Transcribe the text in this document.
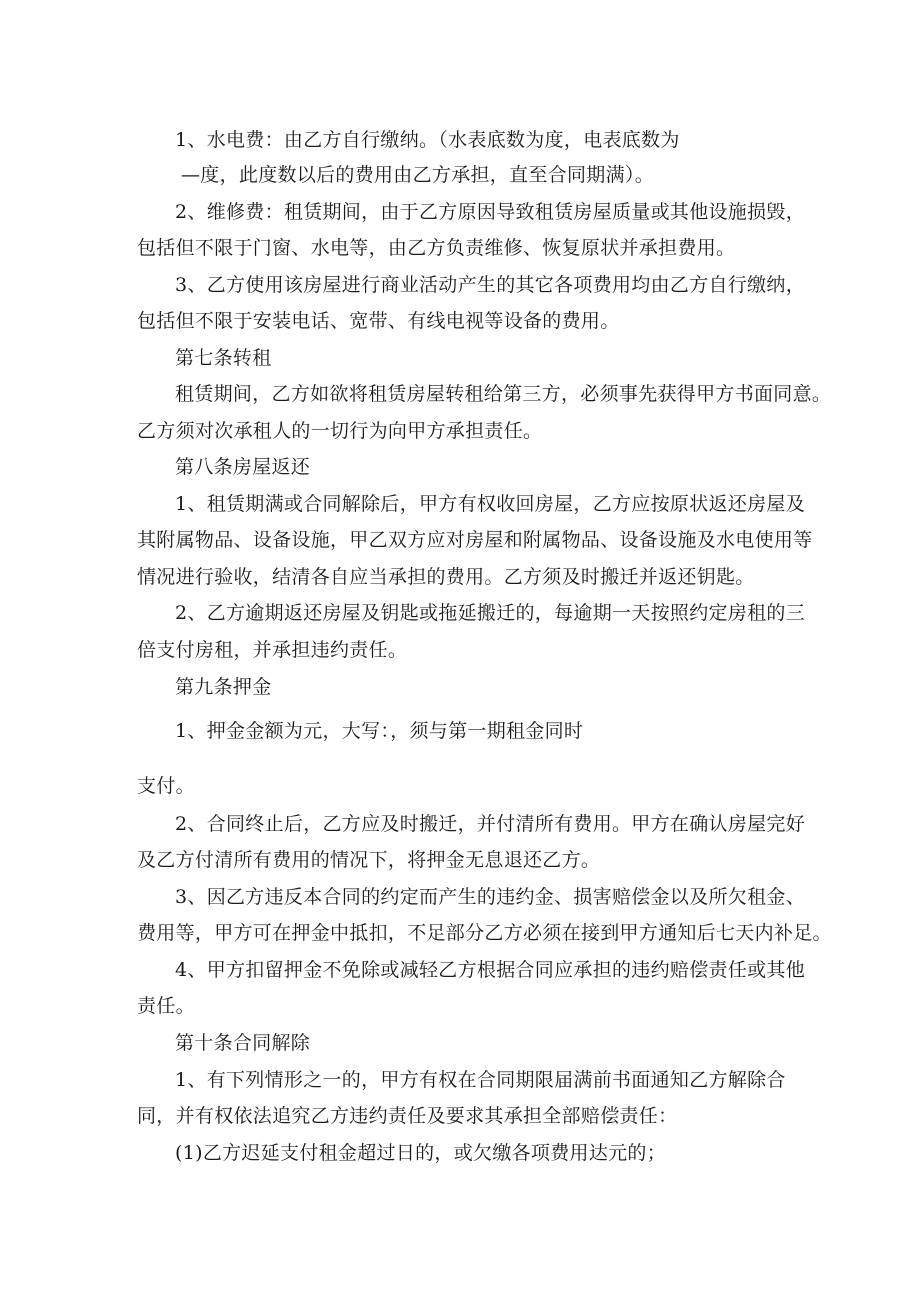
1、水电费：由乙方自行缴纳。（水表底数为度，电表底数为
—度，此度数以后的费用由乙方承担，直至合同期满）。
2、维修费：租赁期间，由于乙方原因导致租赁房屋质量或其他设施损毁，
包括但不限于门窗、水电等，由乙方负责维修、恢复原状并承担费用。
3、乙方使用该房屋进行商业活动产生的其它各项费用均由乙方自行缴纳，
包括但不限于安装电话、宽带、有线电视等设备的费用。
第七条转租
租赁期间，乙方如欲将租赁房屋转租给第三方，必须事先获得甲方书面同意。
乙方须对次承租人的一切行为向甲方承担责任。
第八条房屋返还
1、租赁期满或合同解除后，甲方有权收回房屋，乙方应按原状返还房屋及
其附属物品、设备设施，甲乙双方应对房屋和附属物品、设备设施及水电使用等
情况进行验收，结清各自应当承担的费用。乙方须及时搬迁并返还钥匙。
2、乙方逾期返还房屋及钥匙或拖延搬迁的，每逾期一天按照约定房租的三
倍支付房租，并承担违约责任。
第九条押金
1、押金金额为元，大写：，须与第一期租金同时
支付。
2、合同终止后，乙方应及时搬迁，并付清所有费用。甲方在确认房屋完好
及乙方付清所有费用的情况下，将押金无息退还乙方。
3、因乙方违反本合同的约定而产生的违约金、损害赔偿金以及所欠租金、
费用等，甲方可在押金中抵扣，不足部分乙方必须在接到甲方通知后七天内补足。
4、甲方扣留押金不免除或减轻乙方根据合同应承担的违约赔偿责任或其他
责任。
第十条合同解除
1、有下列情形之一的，甲方有权在合同期限届满前书面通知乙方解除合
同，并有权依法追究乙方违约责任及要求其承担全部赔偿责任：
(1)乙方迟延支付租金超过日的，或欠缴各项费用达元的；
